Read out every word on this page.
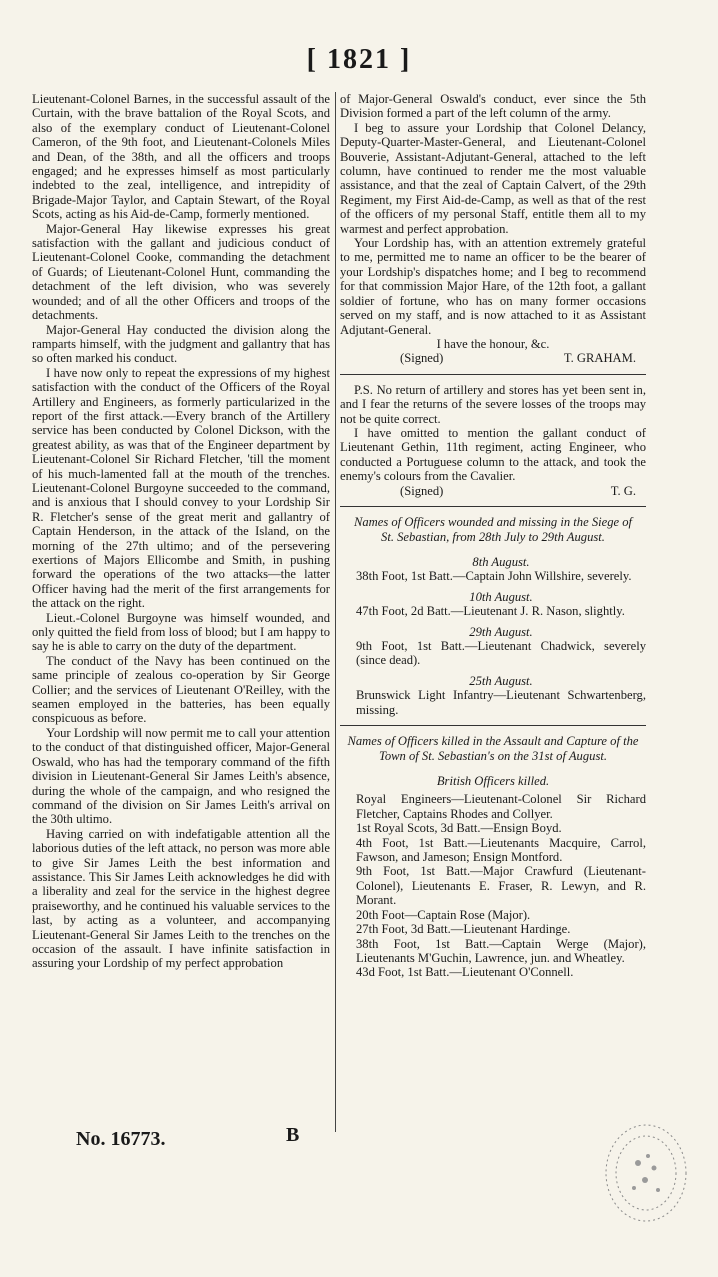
[ 1821 ]

Lieutenant-Colonel Barnes, in the successful assault of the Curtain, with the brave battalion of the Royal Scots, and also of the exemplary conduct of Lieutenant-Colonel Cameron, of the 9th foot, and Lieutenant-Colonels Miles and Dean, of the 38th, and all the officers and troops engaged; and he expresses himself as most particularly indebted to the zeal, intelligence, and intrepidity of Brigade-Major Taylor, and Captain Stewart, of the Royal Scots, acting as his Aid-de-Camp, formerly mentioned.

Major-General Hay likewise expresses his great satisfaction with the gallant and judicious conduct of Lieutenant-Colonel Cooke, commanding the detachment of Guards; of Lieutenant-Colonel Hunt, commanding the detachment of the left division, who was severely wounded; and of all the other Officers and troops of the detachments.

Major-General Hay conducted the division along the ramparts himself, with the judgment and gallantry that has so often marked his conduct.

I have now only to repeat the expressions of my highest satisfaction with the conduct of the Officers of the Royal Artillery and Engineers, as formerly particularized in the report of the first attack.—Every branch of the Artillery service has been conducted by Colonel Dickson, with the greatest ability, as was that of the Engineer department by Lieutenant-Colonel Sir Richard Fletcher, 'till the moment of his much-lamented fall at the mouth of the trenches. Lieutenant-Colonel Burgoyne succeeded to the command, and is anxious that I should convey to your Lordship Sir R. Fletcher's sense of the great merit and gallantry of Captain Henderson, in the attack of the Island, on the morning of the 27th ultimo; and of the persevering exertions of Majors Ellicombe and Smith, in pushing forward the operations of the two attacks—the latter Officer having had the merit of the first arrangements for the attack on the right.

Lieut.-Colonel Burgoyne was himself wounded, and only quitted the field from loss of blood; but I am happy to say he is able to carry on the duty of the department.

The conduct of the Navy has been continued on the same principle of zealous co-operation by Sir George Collier; and the services of Lieutenant O'Reilley, with the seamen employed in the batteries, has been equally conspicuous as before.

Your Lordship will now permit me to call your attention to the conduct of that distinguished officer, Major-General Oswald, who has had the temporary command of the fifth division in Lieutenant-General Sir James Leith's absence, during the whole of the campaign, and who resigned the command of the division on Sir James Leith's arrival on the 30th ultimo.

Having carried on with indefatigable attention all the laborious duties of the left attack, no person was more able to give Sir James Leith the best information and assistance. This Sir James Leith acknowledges he did with a liberality and zeal for the service in the highest degree praiseworthy, and he continued his valuable services to the last, by acting as a volunteer, and accompanying Lieutenant-General Sir James Leith to the trenches on the occasion of the assault. I have infinite satisfaction in assuring your Lordship of my perfect approbation

of Major-General Oswald's conduct, ever since the 5th Division formed a part of the left column of the army.

I beg to assure your Lordship that Colonel Delancy, Deputy-Quarter-Master-General, and Lieutenant-Colonel Bouverie, Assistant-Adjutant-General, attached to the left column, have continued to render me the most valuable assistance, and that the zeal of Captain Calvert, of the 29th Regiment, my First Aid-de-Camp, as well as that of the rest of the officers of my personal Staff, entitle them all to my warmest and perfect approbation.

Your Lordship has, with an attention extremely grateful to me, permitted me to name an officer to be the bearer of your Lordship's dispatches home; and I beg to recommend for that commission Major Hare, of the 12th foot, a gallant soldier of fortune, who has on many former occasions served on my staff, and is now attached to it as Assistant Adjutant-General.

I have the honour, &c.

(Signed)	T. GRAHAM.

P.S. No return of artillery and stores has yet been sent in, and I fear the returns of the severe losses of the troops may not be quite correct.

I have omitted to mention the gallant conduct of Lieutenant Gethin, 11th regiment, acting Engineer, who conducted a Portuguese column to the attack, and took the enemy's colours from the Cavalier.

(Signed)	T. G.

Names of Officers wounded and missing in the Siege of St. Sebastian, from 28th July to 29th August.

8th August.

38th Foot, 1st Batt.—Captain John Willshire, severely.

10th August.

47th Foot, 2d Batt.—Lieutenant J. R. Nason, slightly.

29th August.

9th Foot, 1st Batt.—Lieutenant Chadwick, severely (since dead).

25th August.

Brunswick Light Infantry—Lieutenant Schwartenberg, missing.

Names of Officers killed in the Assault and Capture of the Town of St. Sebastian's on the 31st of August.

British Officers killed.

Royal Engineers—Lieutenant-Colonel Sir Richard Fletcher, Captains Rhodes and Collyer.

1st Royal Scots, 3d Batt.—Ensign Boyd.

4th Foot, 1st Batt.—Lieutenants Macquire, Carrol, Fawson, and Jameson; Ensign Montford.

9th Foot, 1st Batt.—Major Crawfurd (Lieutenant-Colonel), Lieutenants E. Fraser, R. Lewyn, and R. Morant.

20th Foot—Captain Rose (Major).

27th Foot, 3d Batt.—Lieutenant Hardinge.

38th Foot, 1st Batt.—Captain Werge (Major), Lieutenants M'Guchin, Lawrence, jun. and Wheatley.

43d Foot, 1st Batt.—Lieutenant O'Connell.

No. 16773.	B
